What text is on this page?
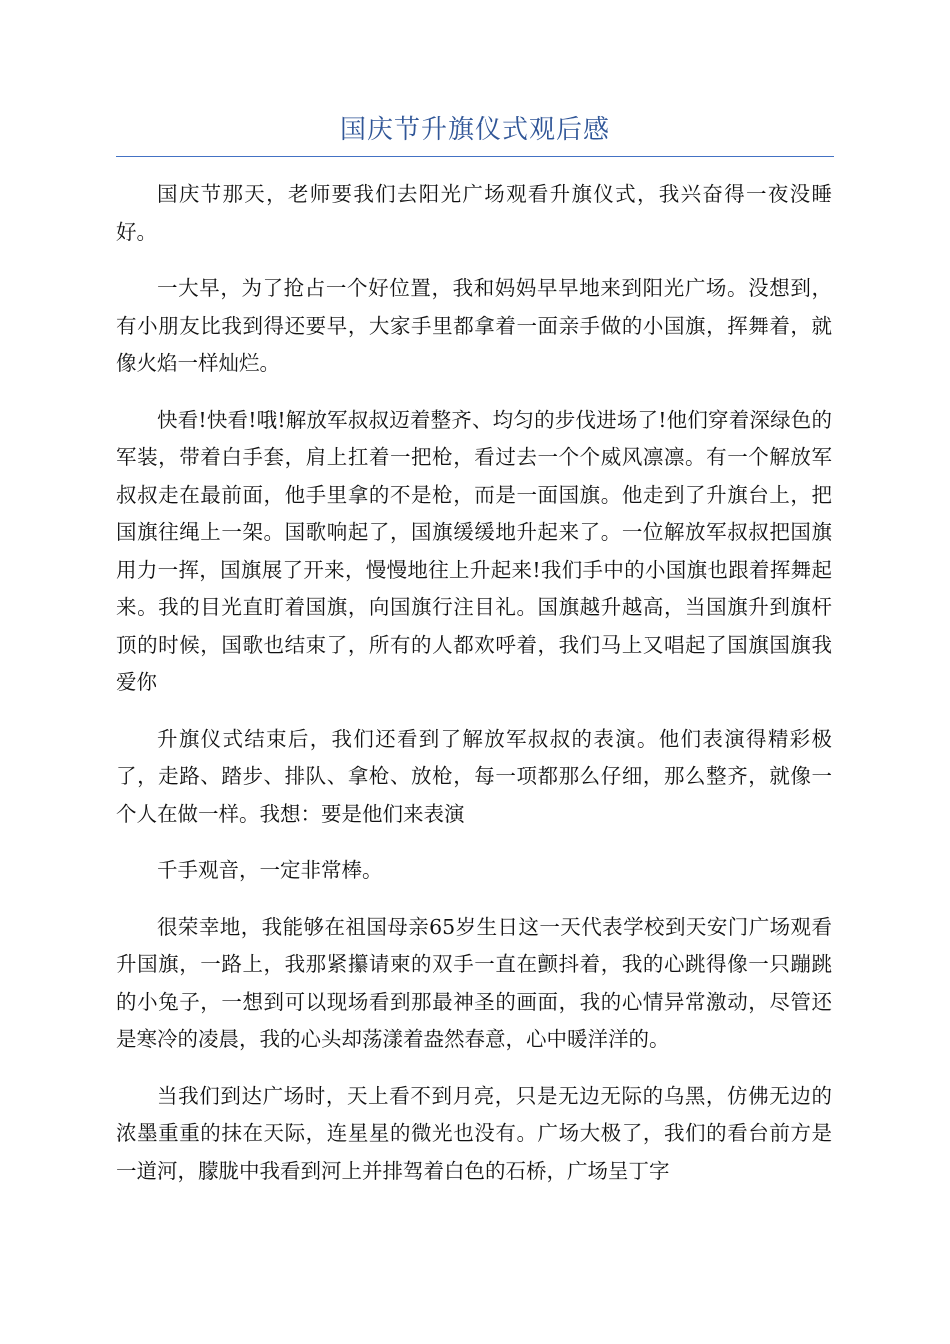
国庆节升旗仪式观后感

国庆节那天，老师要我们去阳光广场观看升旗仪式，我兴奋得一夜没睡好。

一大早，为了抢占一个好位置，我和妈妈早早地来到阳光广场。没想到，有小朋友比我到得还要早，大家手里都拿着一面亲手做的小国旗，挥舞着，就像火焰一样灿烂。

快看!快看!哦!解放军叔叔迈着整齐、均匀的步伐进场了!他们穿着深绿色的军装，带着白手套，肩上扛着一把枪，看过去一个个威风凛凛。有一个解放军叔叔走在最前面，他手里拿的不是枪，而是一面国旗。他走到了升旗台上，把国旗往绳上一架。国歌响起了，国旗缓缓地升起来了。一位解放军叔叔把国旗用力一挥，国旗展了开来，慢慢地往上升起来!我们手中的小国旗也跟着挥舞起来。我的目光直盯着国旗，向国旗行注目礼。国旗越升越高，当国旗升到旗杆顶的时候，国歌也结束了，所有的人都欢呼着，我们马上又唱起了国旗国旗我爱你

升旗仪式结束后，我们还看到了解放军叔叔的表演。他们表演得精彩极了，走路、踏步、排队、拿枪、放枪，每一项都那么仔细，那么整齐，就像一个人在做一样。我想：要是他们来表演

千手观音，一定非常棒。

很荣幸地，我能够在祖国母亲65岁生日这一天代表学校到天安门广场观看升国旗，一路上，我那紧攥请柬的双手一直在颤抖着，我的心跳得像一只蹦跳的小兔子，一想到可以现场看到那最神圣的画面，我的心情异常激动，尽管还是寒冷的凌晨，我的心头却荡漾着盎然春意，心中暖洋洋的。

当我们到达广场时，天上看不到月亮，只是无边无际的乌黑，仿佛无边的浓墨重重的抹在天际，连星星的微光也没有。广场大极了，我们的看台前方是一道河，朦胧中我看到河上并排驾着白色的石桥，广场呈丁字
